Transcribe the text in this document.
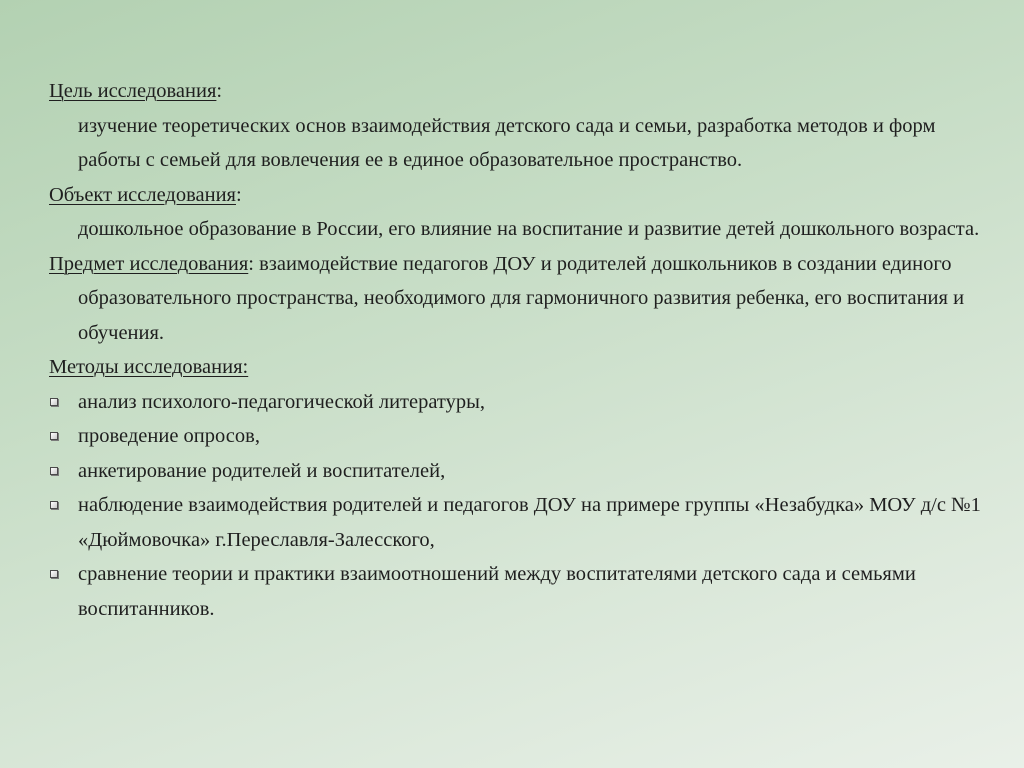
Цель исследования:
изучение теоретических основ взаимодействия детского сада и семьи, разработка методов и форм работы с семьей для вовлечения ее в единое образовательное пространство.
Объект исследования:
дошкольное образование в России, его влияние на воспитание и развитие детей дошкольного возраста.
Предмет исследования: взаимодействие педагогов ДОУ и родителей дошкольников в создании единого образовательного пространства, необходимого для гармоничного развития ребенка, его воспитания и обучения.
Методы исследования:
анализ психолого-педагогической литературы,
проведение опросов,
анкетирование родителей и воспитателей,
наблюдение взаимодействия родителей и педагогов ДОУ на примере группы «Незабудка» МОУ д/с №1 «Дюймовочка» г.Переславля-Залесского,
сравнение теории и практики взаимоотношений между воспитателями детского сада и семьями воспитанников.
